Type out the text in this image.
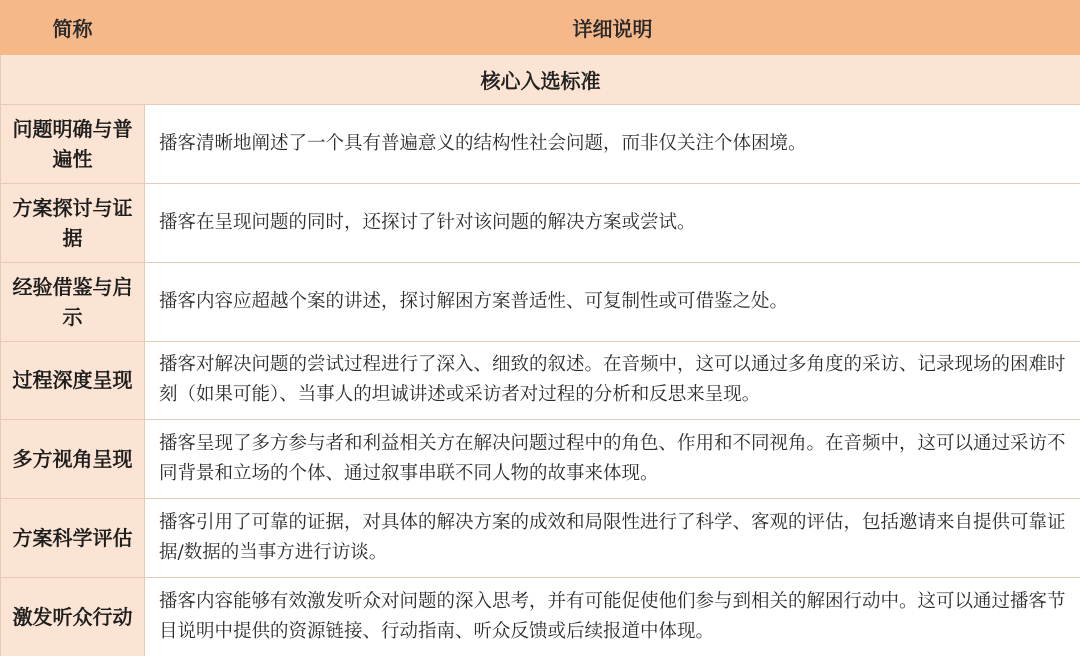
简称	详细说明
核心入选标准	

问题明确与普遍性	播客清晰地阐述了一个具有普遍意义的结构性社会问题，而非仅关注个体困境。

方案探讨与证据	播客在呈现问题的同时，还探讨了针对该问题的解决方案或尝试。

经验借鉴与启示	播客内容应超越个案的讲述，探讨解困方案普适性、可复制性或可借鉴之处。

过程深度呈现	播客对解决问题的尝试过程进行了深入、细致的叙述。在音频中，这可以通过多角度的采访、记录现场的困难时刻（如果可能）、当事人的坦诚讲述或采访者对过程的分析和反思来呈现。

多方视角呈现	播客呈现了多方参与者和利益相关方在解决问题过程中的角色、作用和不同视角。在音频中，这可以通过采访不同背景和立场的个体、通过叙事串联不同人物的故事来体现。

方案科学评估	播客引用了可靠的证据，对具体的解决方案的成效和局限性进行了科学、客观的评估，包括邀请来自提供可靠证据/数据的当事方进行访谈。

激发听众行动	播客内容能够有效激发听众对问题的深入思考，并有可能促使他们参与到相关的解困行动中。这可以通过播客节目说明中提供的资源链接、行动指南、听众反馈或后续报道中体现。
